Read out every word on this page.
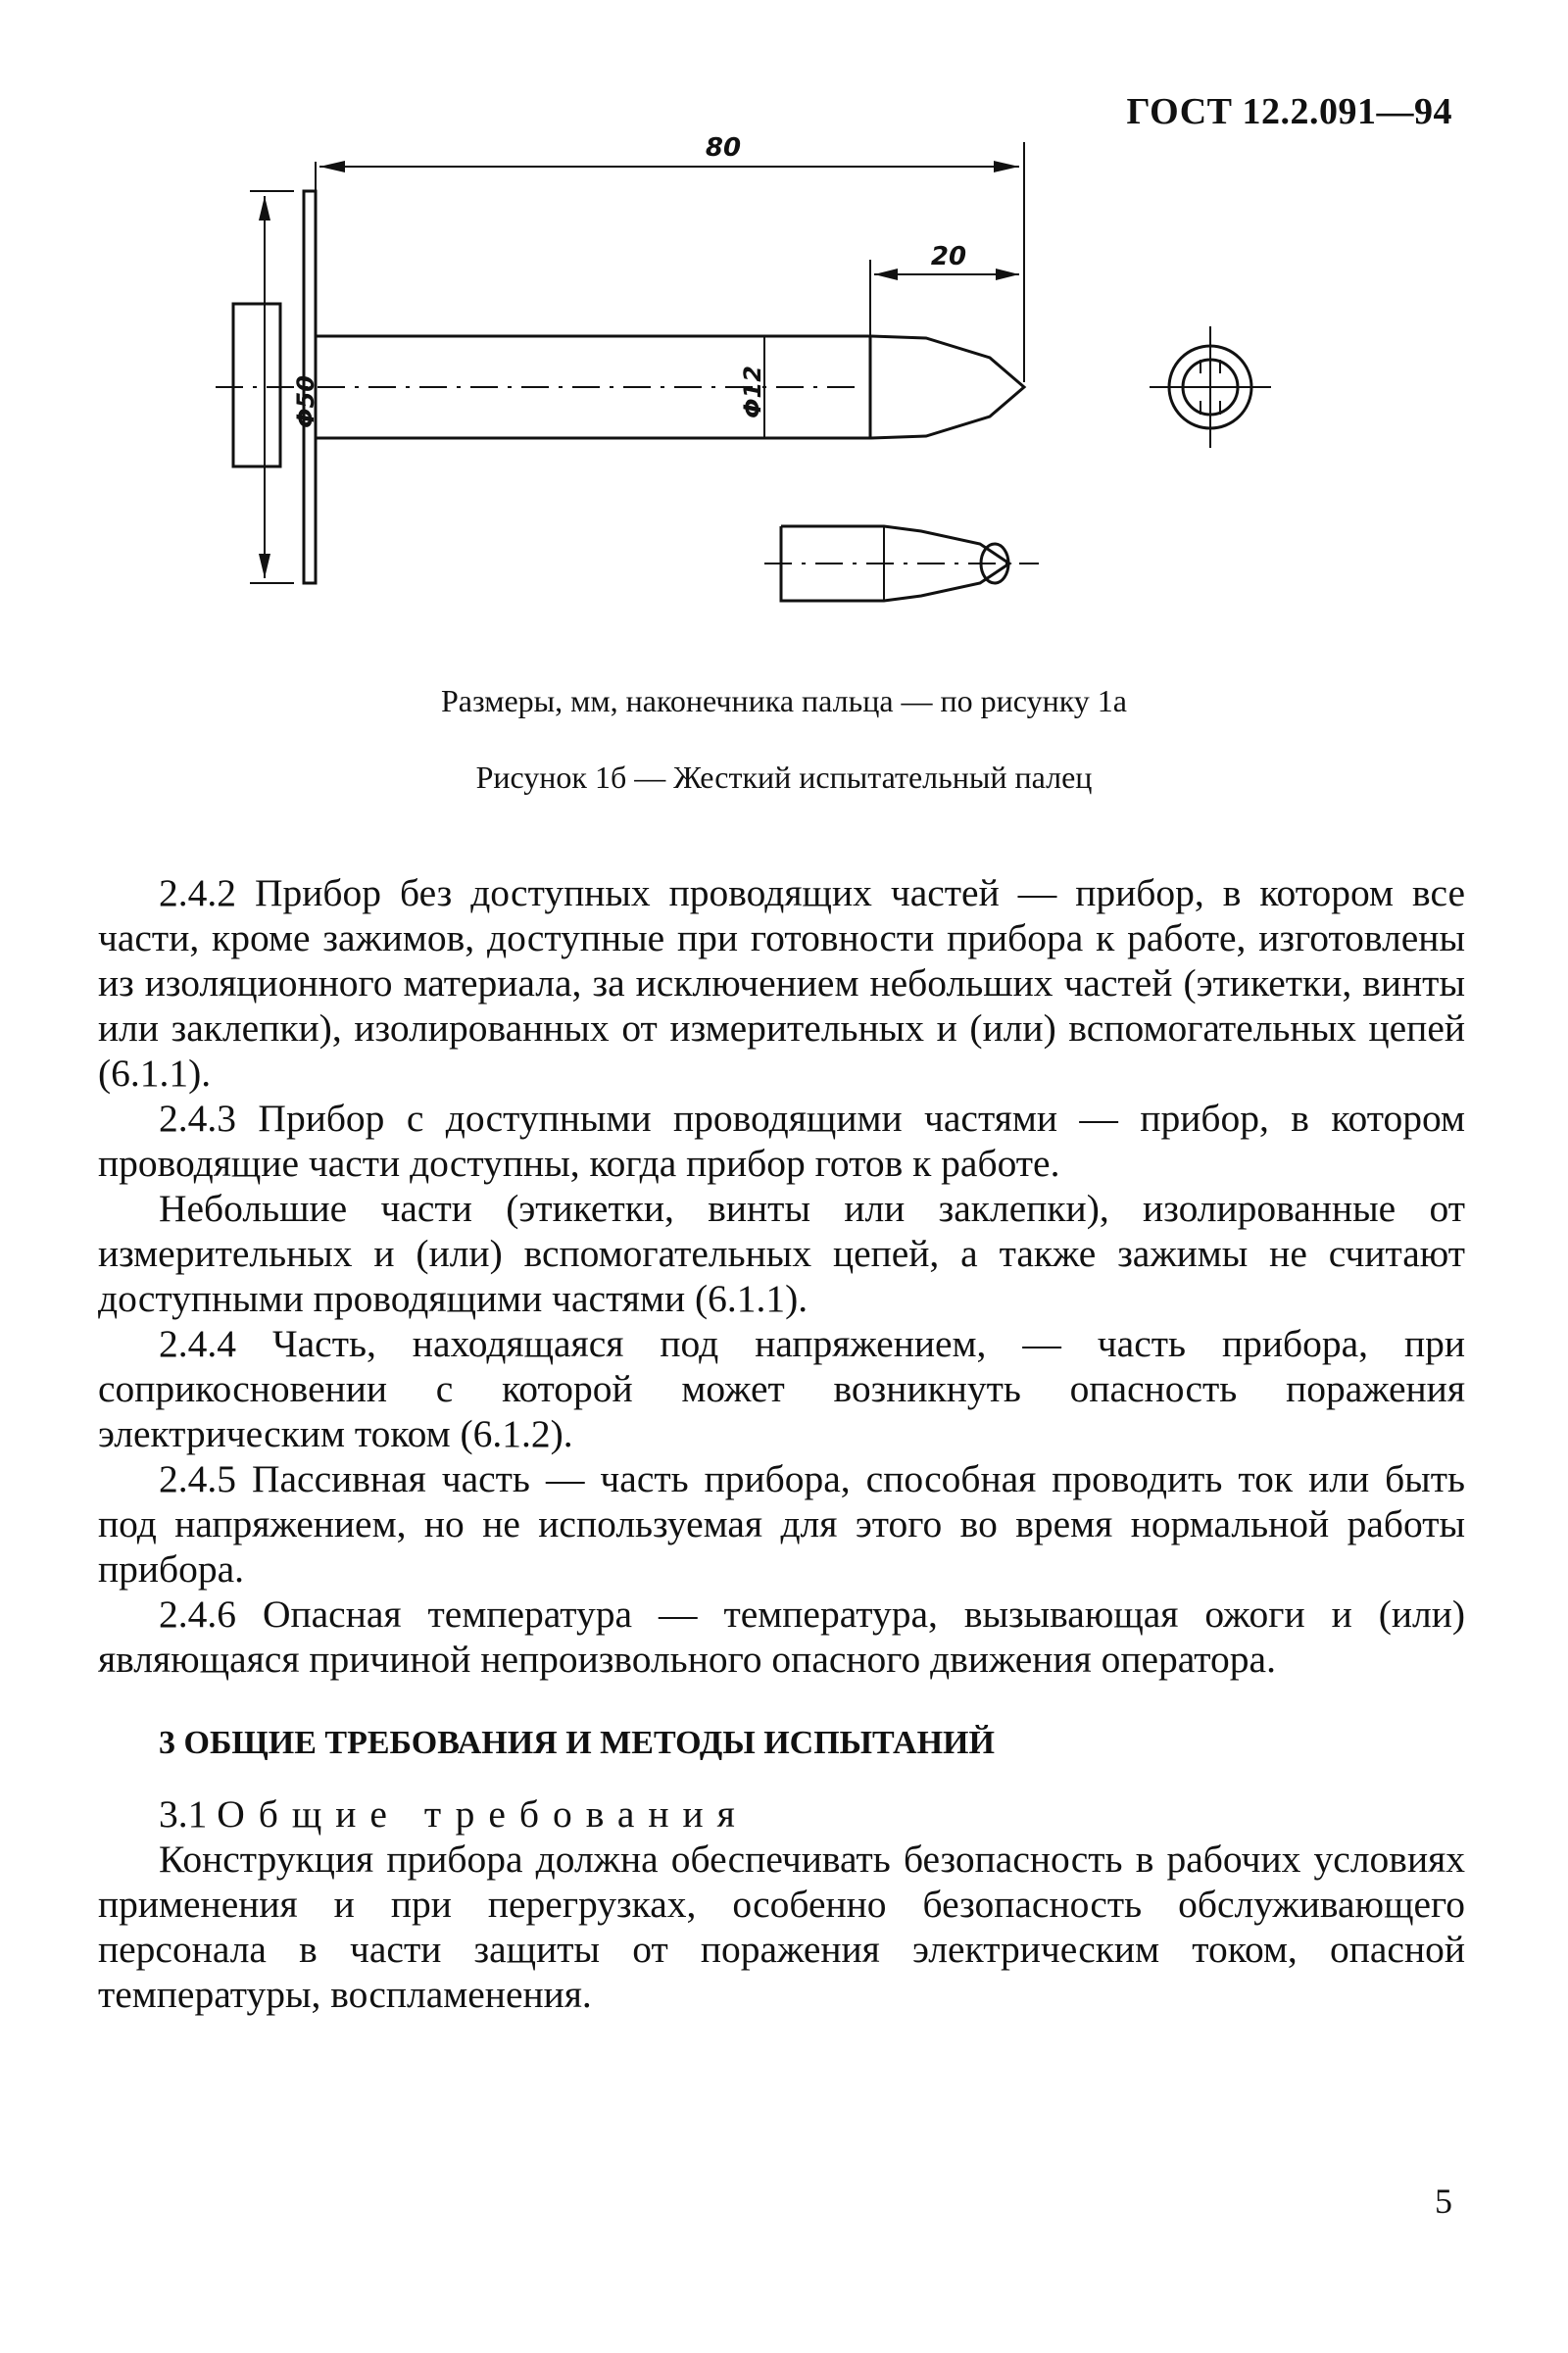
ГОСТ 12.2.091—94
Φ50	Φ12
80
20
Размеры, мм, наконечника пальца — по рисунку 1а
Рисунок 1б — Жесткий испытательный палец

2.4.2 Прибор без доступных проводящих частей — прибор, в котором все части, кроме зажимов, доступные при готовности прибора к работе, изготовлены из изоляционного материала, за исключением небольших частей (этикетки, винты или заклепки), изолированных от измерительных и (или) вспомогательных цепей (6.1.1).

2.4.3 Прибор с доступными проводящими частями — прибор, в котором проводящие части доступны, когда прибор готов к работе.

Небольшие части (этикетки, винты или заклепки), изолированные от измерительных и (или) вспомогательных цепей, а также зажимы не считают доступными проводящими частями (6.1.1).

2.4.4 Часть, находящаяся под напряжением, — часть прибора, при соприкосновении с которой может возникнуть опасность поражения электрическим током (6.1.2).

2.4.5 Пассивная часть — часть прибора, способная проводить ток или быть под напряжением, но не используемая для этого во время нормальной работы прибора.

2.4.6 Опасная температура — температура, вызывающая ожоги и (или) являющаяся причиной непроизвольного опасного движения оператора.

3 ОБЩИЕ ТРЕБОВАНИЯ И МЕТОДЫ ИСПЫТАНИЙ

3.1 Общие требования

Конструкция прибора должна обеспечивать безопасность в рабочих условиях применения и при перегрузках, особенно безопасность обслуживающего персонала в части защиты от поражения электрическим током, опасной температуры, воспламенения.

5
